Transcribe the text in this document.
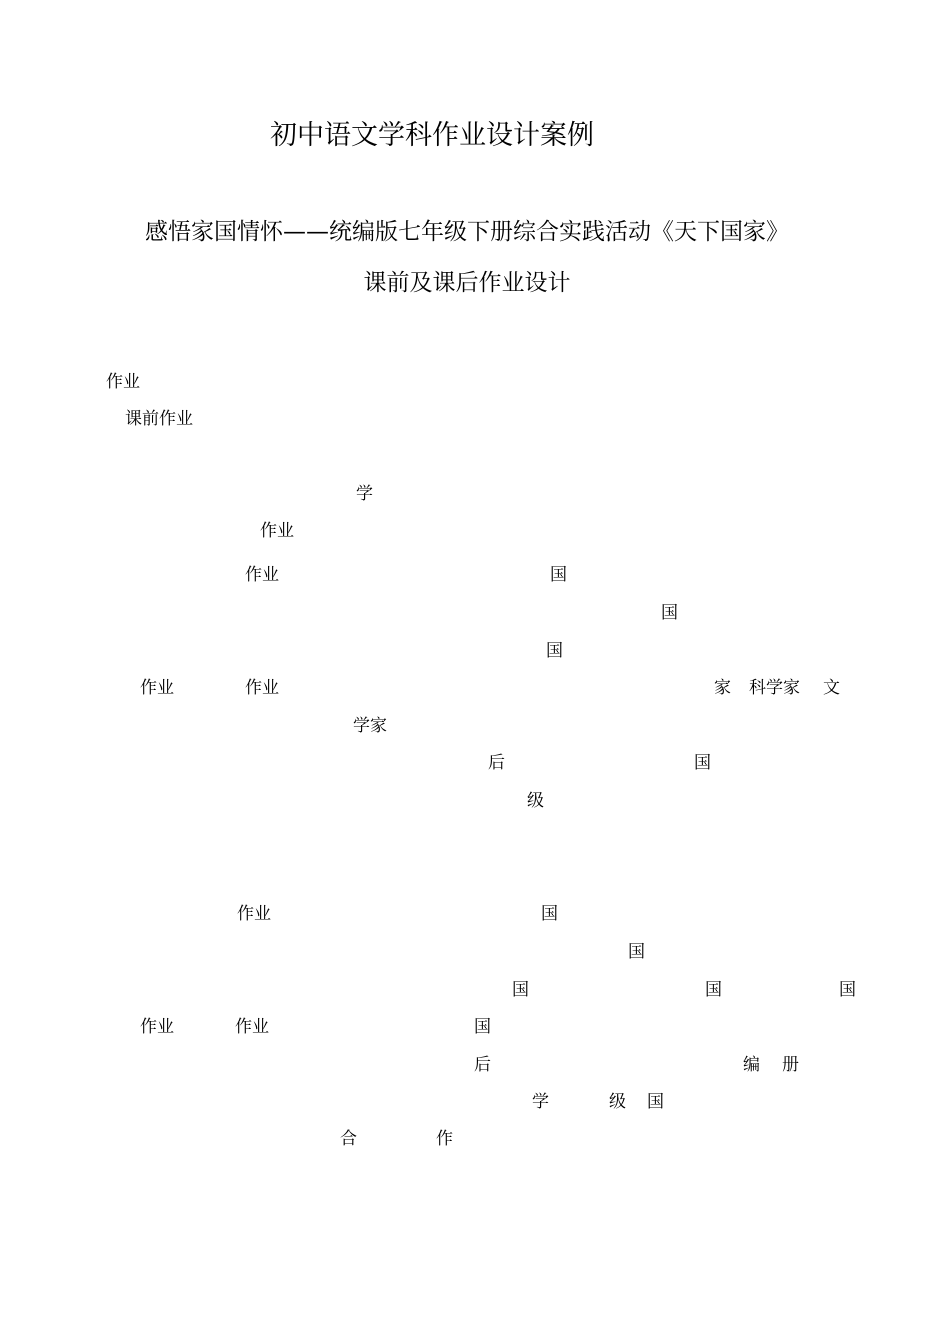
初中语文学科作业设计案例
感悟家国情怀——统编版七年级下册综合实践活动《天下国家》
课前及课后作业设计
作业
课前作业
学
作业
作业	国
国
国
作业	作业	家 科学家 文
学家
后	国
级
作业	国
国
国	国	国
作业	作业	国
后	编 册
学	级 国
合	作
